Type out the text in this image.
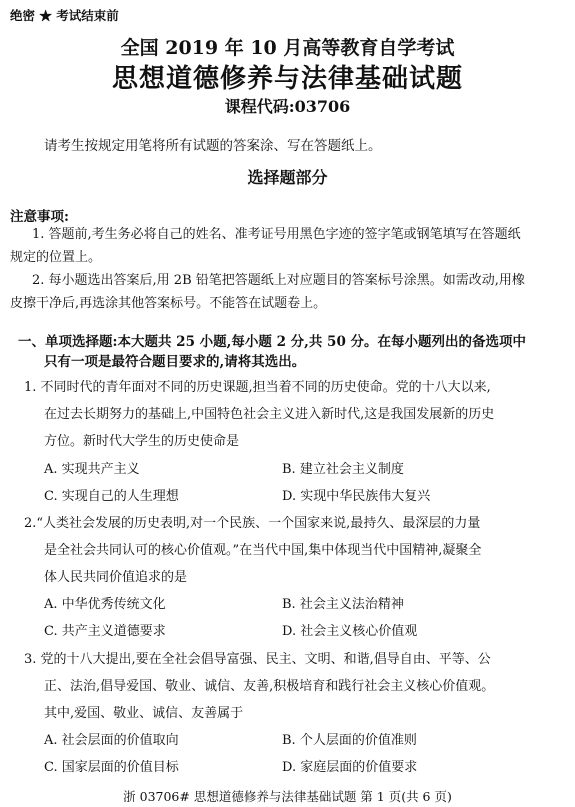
绝密 ★ 考试结束前
全国 2019 年 10 月高等教育自学考试
思想道德修养与法律基础试题
课程代码:03706
请考生按规定用笔将所有试题的答案涂、写在答题纸上。
选择题部分
注意事项:
1. 答题前,考生务必将自己的姓名、准考证号用黑色字迹的签字笔或钢笔填写在答题纸
规定的位置上。
2. 每小题选出答案后,用 2B 铅笔把答题纸上对应题目的答案标号涂黑。如需改动,用橡
皮擦干净后,再选涂其他答案标号。不能答在试题卷上。
一、单项选择题:本大题共 25 小题,每小题 2 分,共 50 分。在每小题列出的备选项中
只有一项是最符合题目要求的,请将其选出。
1. 不同时代的青年面对不同的历史课题,担当着不同的历史使命。党的十八大以来,
在过去长期努力的基础上,中国特色社会主义进入新时代,这是我国发展新的历史
方位。新时代大学生的历史使命是
A. 实现共产主义	B. 建立社会主义制度
C. 实现自己的人生理想	D. 实现中华民族伟大复兴
2.“人类社会发展的历史表明,对一个民族、一个国家来说,最持久、最深层的力量
是全社会共同认可的核心价值观。”在当代中国,集中体现当代中国精神,凝聚全
体人民共同价值追求的是
A. 中华优秀传统文化	B. 社会主义法治精神
C. 共产主义道德要求	D. 社会主义核心价值观
3. 党的十八大提出,要在全社会倡导富强、民主、文明、和谐,倡导自由、平等、公
正、法治,倡导爱国、敬业、诚信、友善,积极培育和践行社会主义核心价值观。
其中,爱国、敬业、诚信、友善属于
A. 社会层面的价值取向	B. 个人层面的价值准则
C. 国家层面的价值目标	D. 家庭层面的价值要求
浙 03706# 思想道德修养与法律基础试题 第 1 页(共 6 页)
